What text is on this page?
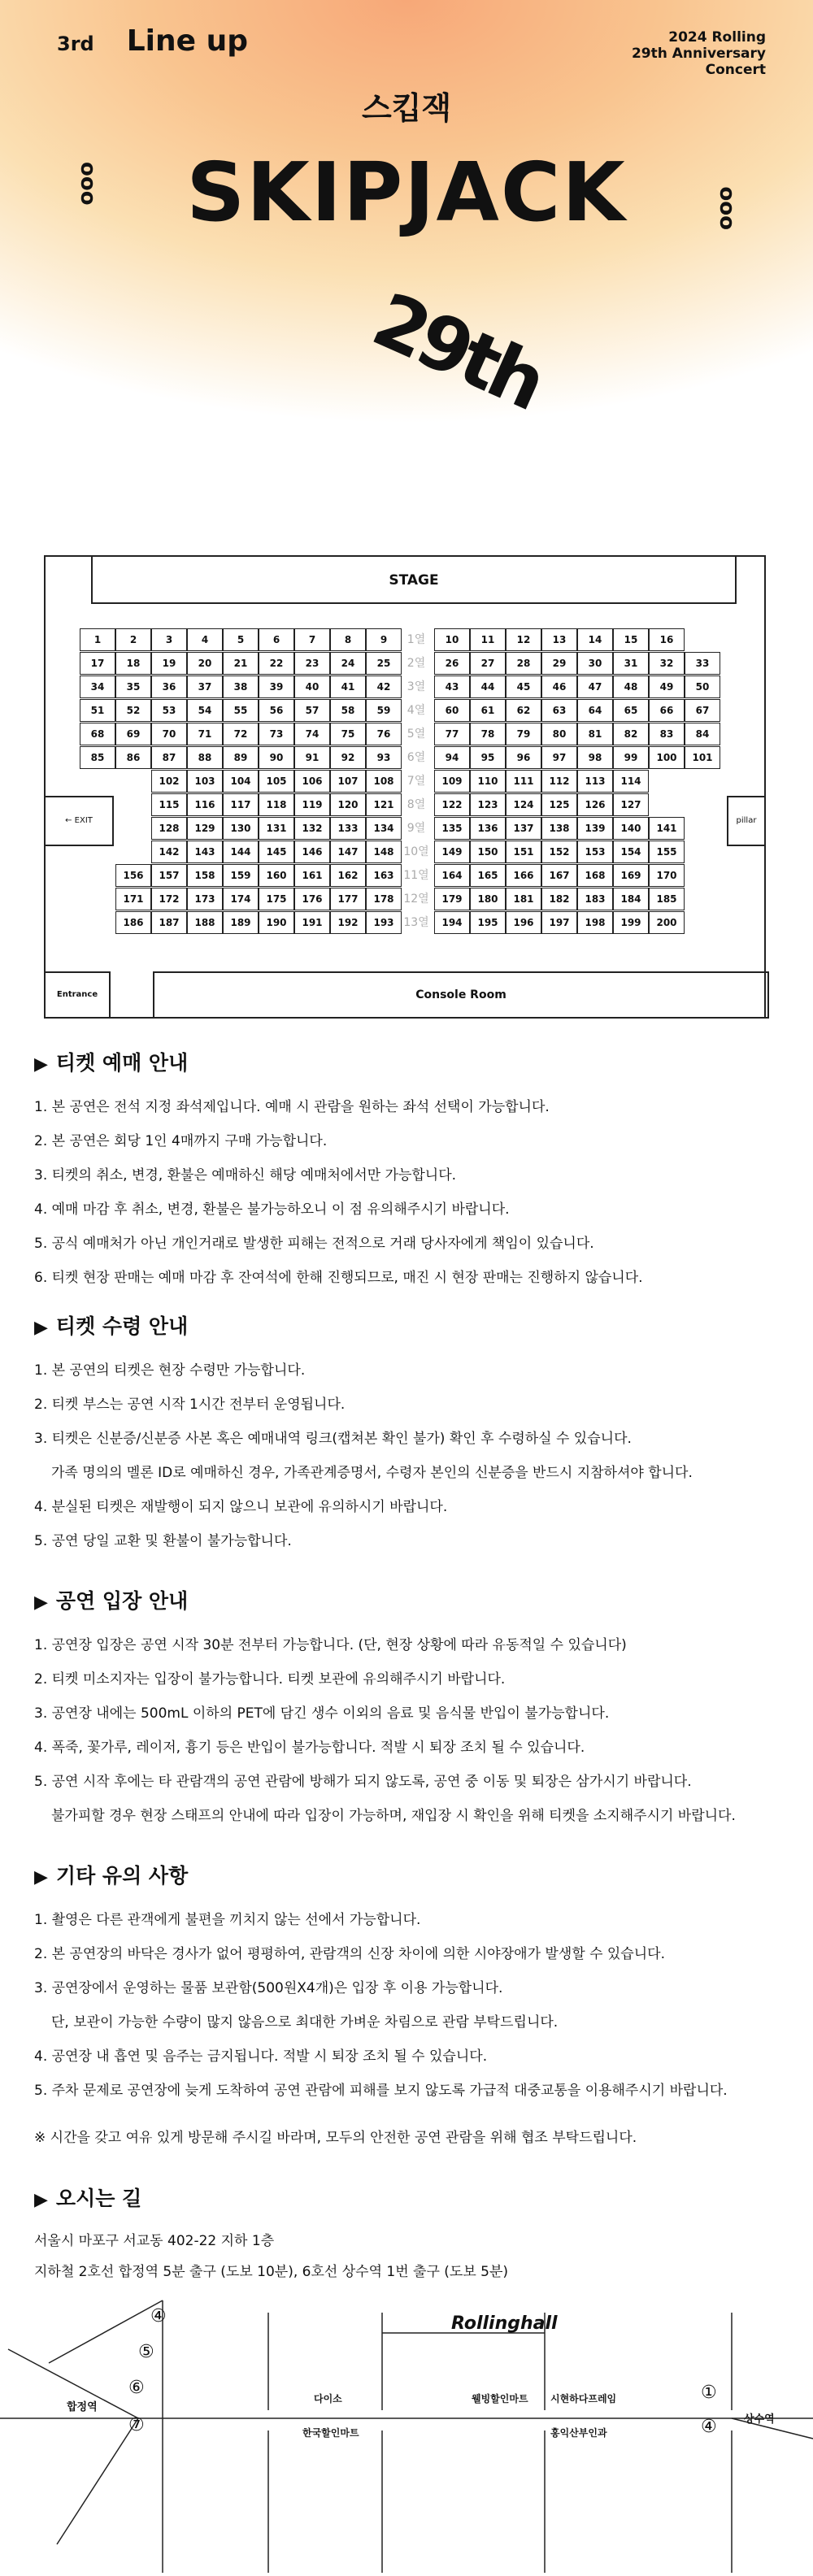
3rd Line up	2024 Rolling
29th Anniversary
Concert
스킵잭
SKIPJACK
ooo
ooo
29th
STAGE
← EXIT	pillar
Entrance	Console Room
1	2	3	4	5	6	7	8	9	1열	10	11	12	13	14	15	16
17	18	19	20	21	22	23	24	25	2열	26	27	28	29	30	31	32	33
34	35	36	37	38	39	40	41	42	3열	43	44	45	46	47	48	49	50
51	52	53	54	55	56	57	58	59	4열	60	61	62	63	64	65	66	67
68	69	70	71	72	73	74	75	76	5열	77	78	79	80	81	82	83	84
85	86	87	88	89	90	91	92	93	6열	94	95	96	97	98	99	100	101
102	103	104	105	106	107	108	7열	109	110	111	112	113	114
115	116	117	118	119	120	121	8열	122	123	124	125	126	127
128	129	130	131	132	133	134	9열	135	136	137	138	139	140	141
142	143	144	145	146	147	148 10열	149	150	151	152	153	154	155
156	157	158	159	160	161	162	163 11열	164	165	166	167	168	169	170
171	172	173	174	175	176	177	178 12열	179	180	181	182	183	184	185
186	187	188	189	190	191	192	193 13열	194	195	196	197	198	199	200
▶ 티켓 예매 안내
1. 본 공연은 전석 지정 좌석제입니다. 예매 시 관람을 원하는 좌석 선택이 가능합니다.
2. 본 공연은 회당 1인 4매까지 구매 가능합니다.
3. 티켓의 취소, 변경, 환불은 예매하신 해당 예매처에서만 가능합니다.
4. 예매 마감 후 취소, 변경, 환불은 불가능하오니 이 점 유의해주시기 바랍니다.
5. 공식 예매처가 아닌 개인거래로 발생한 피해는 전적으로 거래 당사자에게 책임이 있습니다.
6. 티켓 현장 판매는 예매 마감 후 잔여석에 한해 진행되므로, 매진 시 현장 판매는 진행하지 않습니다.
▶ 티켓 수령 안내
1. 본 공연의 티켓은 현장 수령만 가능합니다.
2. 티켓 부스는 공연 시작 1시간 전부터 운영됩니다.
3. 티켓은 신분증/신분증 사본 혹은 예매내역 링크(캡쳐본 확인 불가) 확인 후 수령하실 수 있습니다.
가족 명의의 멜론 ID로 예매하신 경우, 가족관계증명서, 수령자 본인의 신분증을 반드시 지참하셔야 합니다.
4. 분실된 티켓은 재발행이 되지 않으니 보관에 유의하시기 바랍니다.
5. 공연 당일 교환 및 환불이 불가능합니다.
▶ 공연 입장 안내
1. 공연장 입장은 공연 시작 30분 전부터 가능합니다. (단, 현장 상황에 따라 유동적일 수 있습니다)
2. 티켓 미소지자는 입장이 불가능합니다. 티켓 보관에 유의해주시기 바랍니다.
3. 공연장 내에는 500mL 이하의 PET에 담긴 생수 이외의 음료 및 음식물 반입이 불가능합니다.
4. 폭죽, 꽃가루, 레이저, 흉기 등은 반입이 불가능합니다. 적발 시 퇴장 조치 될 수 있습니다.
5. 공연 시작 후에는 타 관람객의 공연 관람에 방해가 되지 않도록, 공연 중 이동 및 퇴장은 삼가시기 바랍니다.
불가피할 경우 현장 스태프의 안내에 따라 입장이 가능하며, 재입장 시 확인을 위해 티켓을 소지해주시기 바랍니다.
▶ 기타 유의 사항
1. 촬영은 다른 관객에게 불편을 끼치지 않는 선에서 가능합니다.
2. 본 공연장의 바닥은 경사가 없어 평평하여, 관람객의 신장 차이에 의한 시야장애가 발생할 수 있습니다.
3. 공연장에서 운영하는 물품 보관함(500원X4개)은 입장 후 이용 가능합니다.
단, 보관이 가능한 수량이 많지 않음으로 최대한 가벼운 차림으로 관람 부탁드립니다.
4. 공연장 내 흡연 및 음주는 금지됩니다. 적발 시 퇴장 조치 될 수 있습니다.
5. 주차 문제로 공연장에 늦게 도착하여 공연 관람에 피해를 보지 않도록 가급적 대중교통을 이용해주시기 바랍니다.
※ 시간을 갖고 여유 있게 방문해 주시길 바라며, 모두의 안전한 공연 관람을 위해 협조 부탁드립니다.
▶ 오시는 길
서울시 마포구 서교동 402-22 지하 1층
지하철 2호선 합정역 5분 출구 (도보 10분), 6호선 상수역 1번 출구 (도보 5분)
Rollinghall
합정역
상수역
다이소
한국할인마트
웰빙할인마트 시현하다프레임
홍익산부인과
④
⑤
⑥
⑦
①
④
